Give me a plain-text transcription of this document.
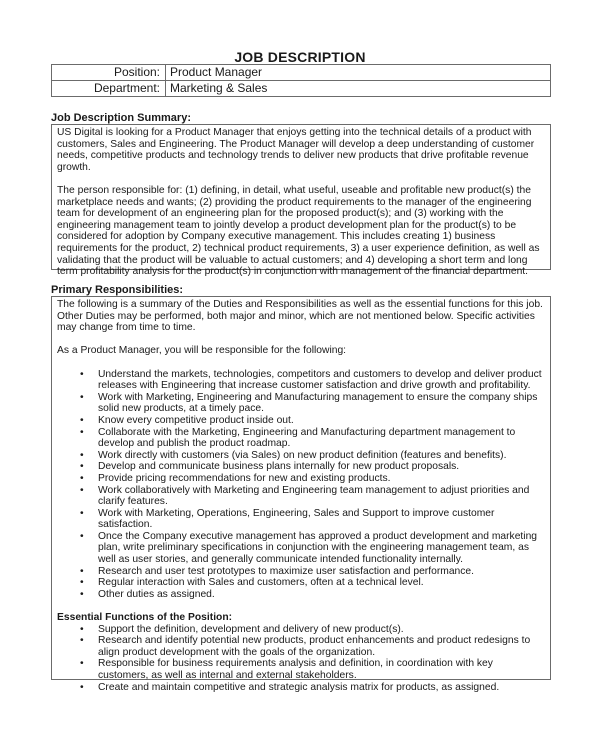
JOB DESCRIPTION
Position:	Product Manager
Department:	Marketing & Sales
Job Description Summary:

US Digital is looking for a Product Manager that enjoys getting into the technical details of a product with customers, Sales and Engineering. The Product Manager will develop a deep understanding of customer needs, competitive products and technology trends to deliver new products that drive profitable revenue growth.

The person responsible for: (1) defining, in detail, what useful, useable and profitable new product(s) the marketplace needs and wants; (2) providing the product requirements to the manager of the engineering team for development of an engineering plan for the proposed product(s); and (3) working with the engineering management team to jointly develop a product development plan for the product(s) to be considered for adoption by Company executive management. This includes creating 1) business requirements for the product, 2) technical product requirements, 3) a user experience definition, as well as validating that the product will be valuable to actual customers; and 4) developing a short term and long term profitability analysis for the product(s) in conjunction with management of the financial department.

Primary Responsibilities:

The following is a summary of the Duties and Responsibilities as well as the essential functions for this job. Other Duties may be performed, both major and minor, which are not mentioned below. Specific activities may change from time to time.

As a Product Manager, you will be responsible for the following:

• Understand the markets, technologies, competitors and customers to develop and deliver product releases with Engineering that increase customer satisfaction and drive growth and profitability.
• Work with Marketing, Engineering and Manufacturing management to ensure the company ships solid new products, at a timely pace.
• Know every competitive product inside out.
• Collaborate with the Marketing, Engineering and Manufacturing department management to develop and publish the product roadmap.
• Work directly with customers (via Sales) on new product definition (features and benefits).
• Develop and communicate business plans internally for new product proposals.
• Provide pricing recommendations for new and existing products.
• Work collaboratively with Marketing and Engineering team management to adjust priorities and clarify features.
• Work with Marketing, Operations, Engineering, Sales and Support to improve customer satisfaction.
• Once the Company executive management has approved a product development and marketing plan, write preliminary specifications in conjunction with the engineering management team, as well as user stories, and generally communicate intended functionality internally.
• Research and user test prototypes to maximize user satisfaction and performance.
• Regular interaction with Sales and customers, often at a technical level.
• Other duties as assigned.
Essential Functions of the Position:
• Support the definition, development and delivery of new product(s).
• Research and identify potential new products, product enhancements and product redesigns to align product development with the goals of the organization.
• Responsible for business requirements analysis and definition, in coordination with key customers, as well as internal and external stakeholders.
• Create and maintain competitive and strategic analysis matrix for products, as assigned.
